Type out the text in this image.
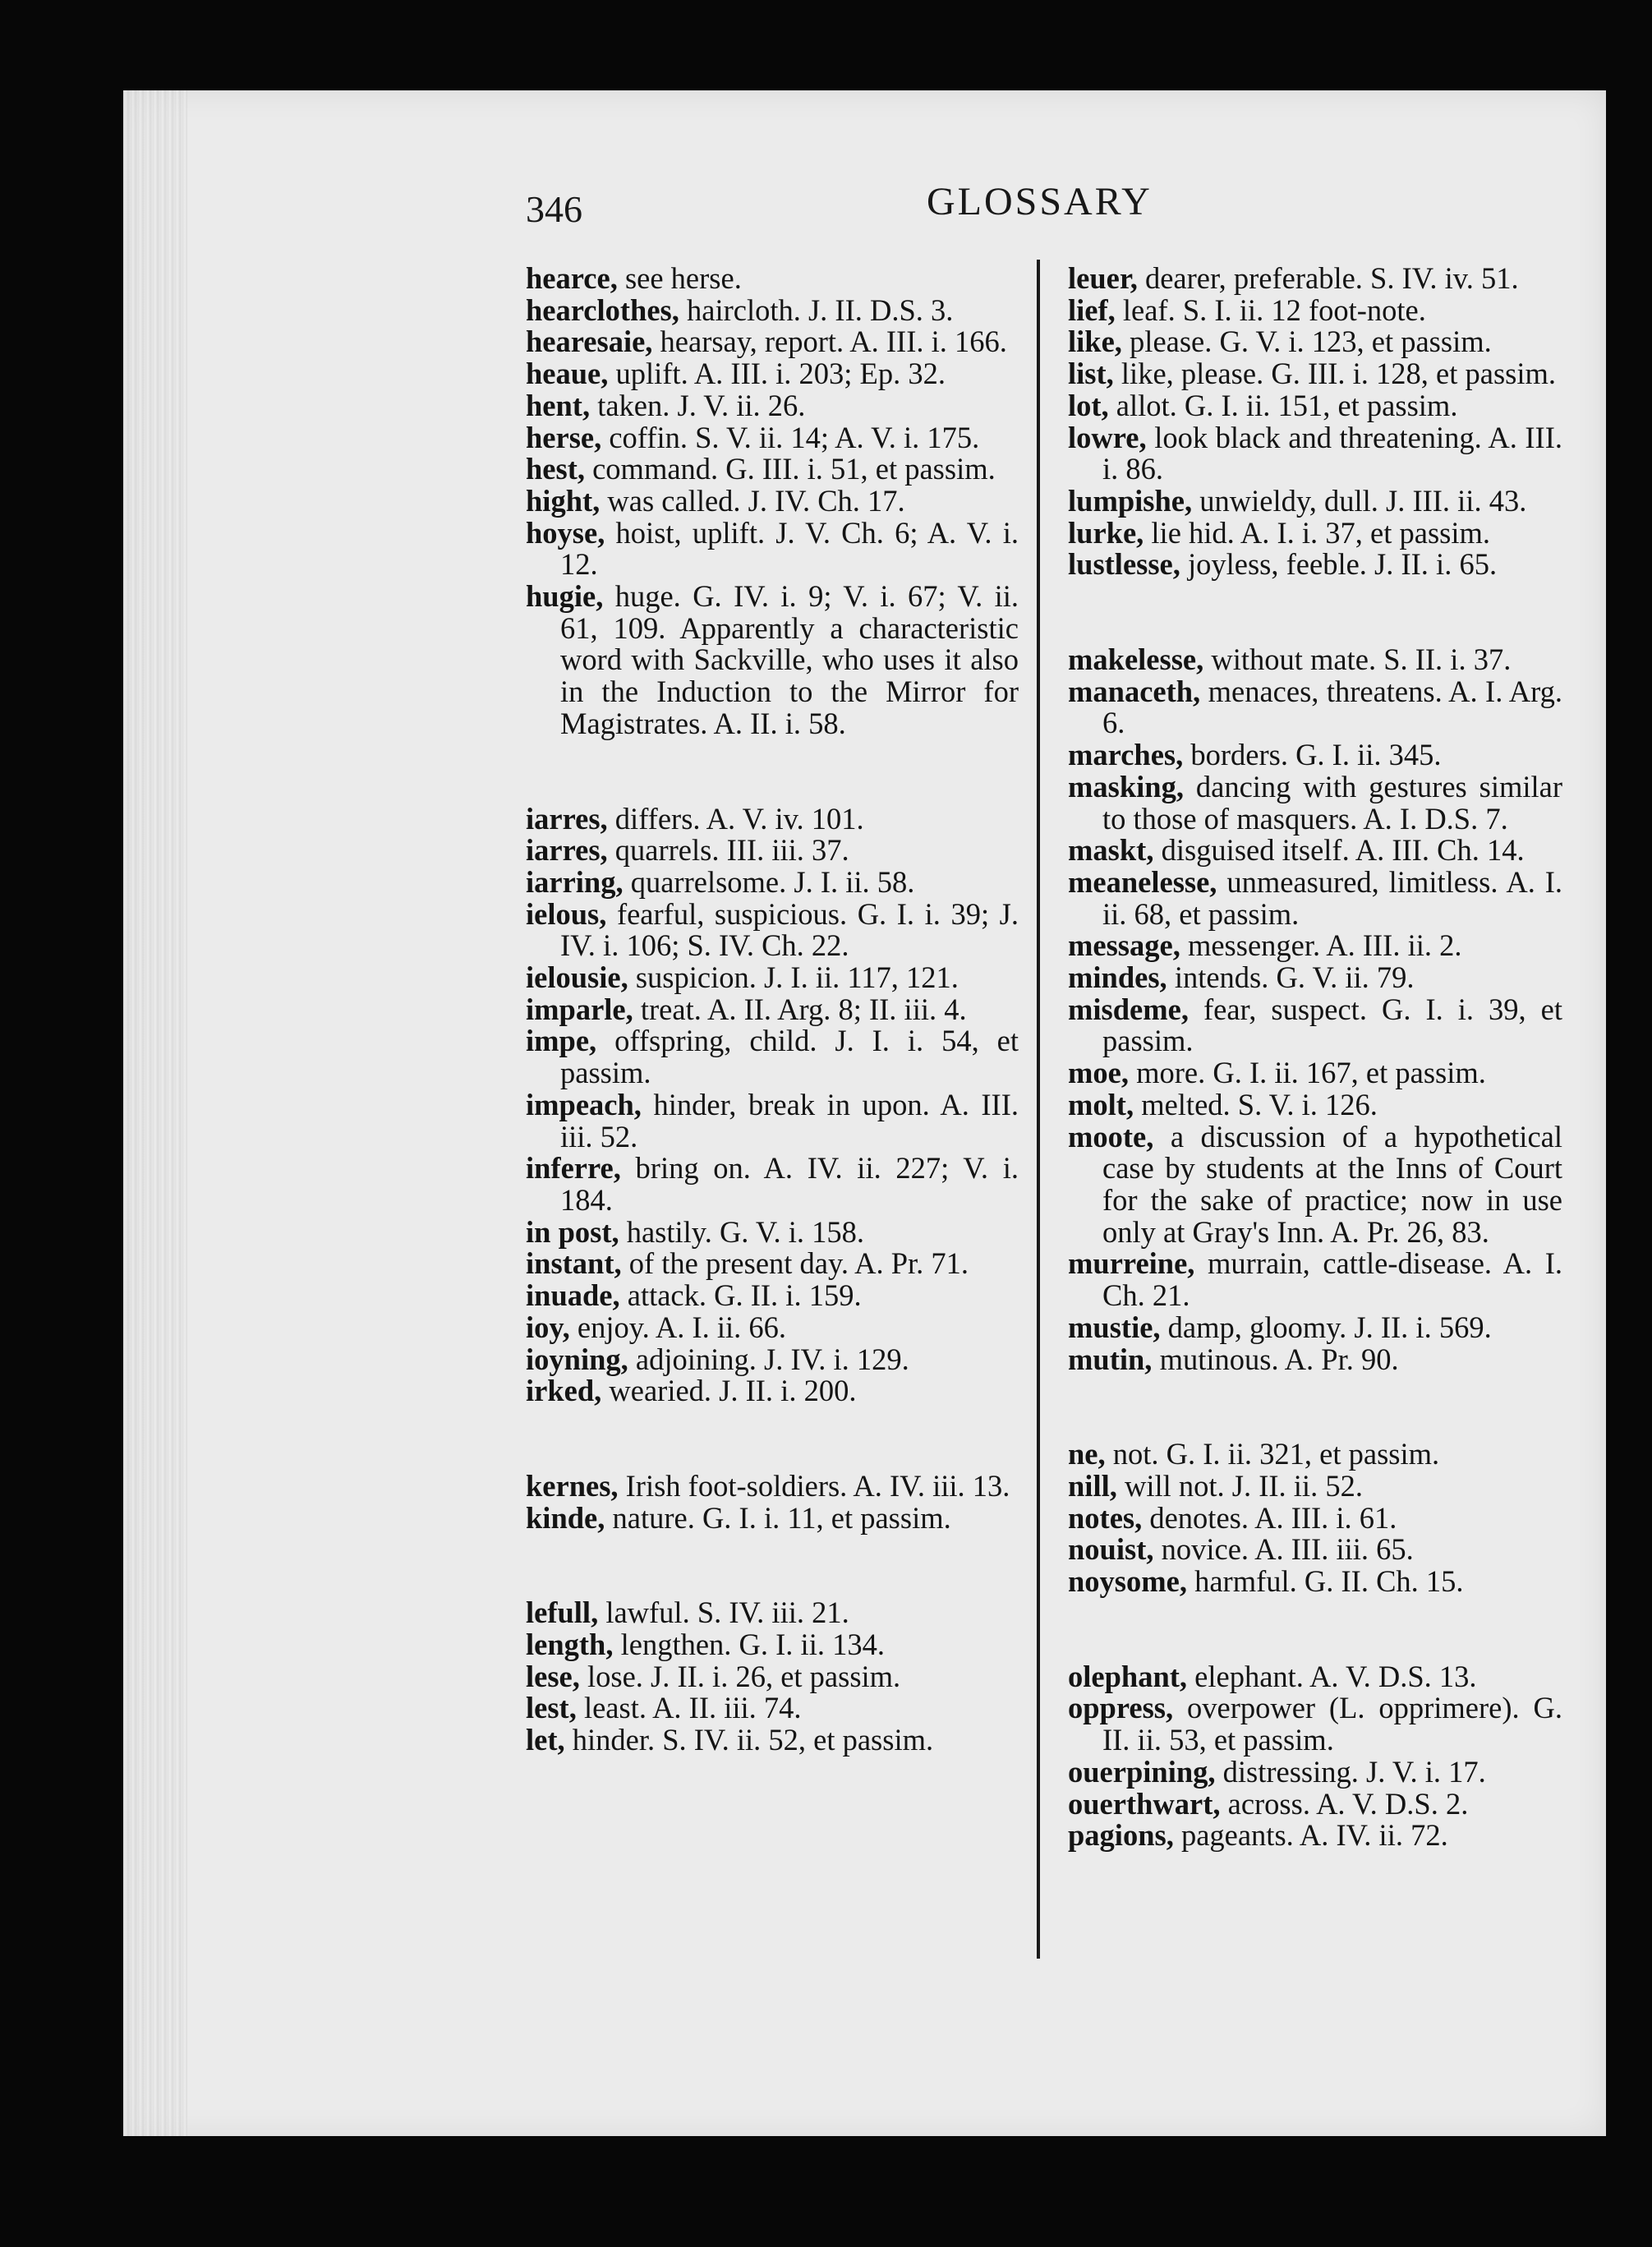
346	GLOSSARY
hearce, see herse.
hearclothes, haircloth. J. II. D.S. 3.
hearesaie, hearsay, report. A. III. i. 166.
heaue, uplift. A. III. i. 203; Ep. 32.
hent, taken. J. V. ii. 26.
herse, coffin. S. V. ii. 14; A. V. i. 175.
hest, command. G. III. i. 51, et passim.
hight, was called. J. IV. Ch. 17.
hoyse, hoist, uplift. J. V. Ch. 6; A. V. i. 12.
hugie, huge. G. IV. i. 9; V. i. 67; V. ii. 61, 109. Apparently a characteristic word with Sackville, who uses it also in the Induction to the Mirror for Magistrates. A. II. i. 58.
iarres, differs. A. V. iv. 101.
iarres, quarrels. III. iii. 37.
iarring, quarrelsome. J. I. ii. 58.
ielous, fearful, suspicious. G. I. i. 39; J. IV. i. 106; S. IV. Ch. 22.
ielousie, suspicion. J. I. ii. 117, 121.
imparle, treat. A. II. Arg. 8; II. iii. 4.
impe, offspring, child. J. I. i. 54, et passim.
impeach, hinder, break in upon. A. III. iii. 52.
inferre, bring on. A. IV. ii. 227; V. i. 184.
in post, hastily. G. V. i. 158.
instant, of the present day. A. Pr. 71.
inuade, attack. G. II. i. 159.
ioy, enjoy. A. I. ii. 66.
ioyning, adjoining. J. IV. i. 129.
irked, wearied. J. II. i. 200.
kernes, Irish foot-soldiers. A. IV. iii. 13.
kinde, nature. G. I. i. 11, et passim.
lefull, lawful. S. IV. iii. 21.
length, lengthen. G. I. ii. 134.
lese, lose. J. II. i. 26, et passim.
lest, least. A. II. iii. 74.
let, hinder. S. IV. ii. 52, et passim.
leuer, dearer, preferable. S. IV. iv. 51.
lief, leaf. S. I. ii. 12 foot-note.
like, please. G. V. i. 123, et passim.
list, like, please. G. III. i. 128, et passim.
lot, allot. G. I. ii. 151, et passim.
lowre, look black and threatening. A. III. i. 86.
lumpishe, unwieldy, dull. J. III. ii. 43.
lurke, lie hid. A. I. i. 37, et passim.
lustlesse, joyless, feeble. J. II. i. 65.
makelesse, without mate. S. II. i. 37.
manaceth, menaces, threatens. A. I. Arg. 6.
marches, borders. G. I. ii. 345.
masking, dancing with gestures similar to those of masquers. A. I. D.S. 7.
maskt, disguised itself. A. III. Ch. 14.
meanelesse, unmeasured, limitless. A. I. ii. 68, et passim.
message, messenger. A. III. ii. 2.
mindes, intends. G. V. ii. 79.
misdeme, fear, suspect. G. I. i. 39, et passim.
moe, more. G. I. ii. 167, et passim.
molt, melted. S. V. i. 126.
moote, a discussion of a hypothetical case by students at the Inns of Court for the sake of practice; now in use only at Gray's Inn. A. Pr. 26, 83.
murreine, murrain, cattle-disease. A. I. Ch. 21.
mustie, damp, gloomy. J. II. i. 569.
mutin, mutinous. A. Pr. 90.
ne, not. G. I. ii. 321, et passim.
nill, will not. J. II. ii. 52.
notes, denotes. A. III. i. 61.
nouist, novice. A. III. iii. 65.
noysome, harmful. G. II. Ch. 15.
olephant, elephant. A. V. D.S. 13.
oppress, overpower (L. opprimere). G. II. ii. 53, et passim.
ouerpining, distressing. J. V. i. 17.
ouerthwart, across. A. V. D.S. 2.
pagions, pageants. A. IV. ii. 72.
